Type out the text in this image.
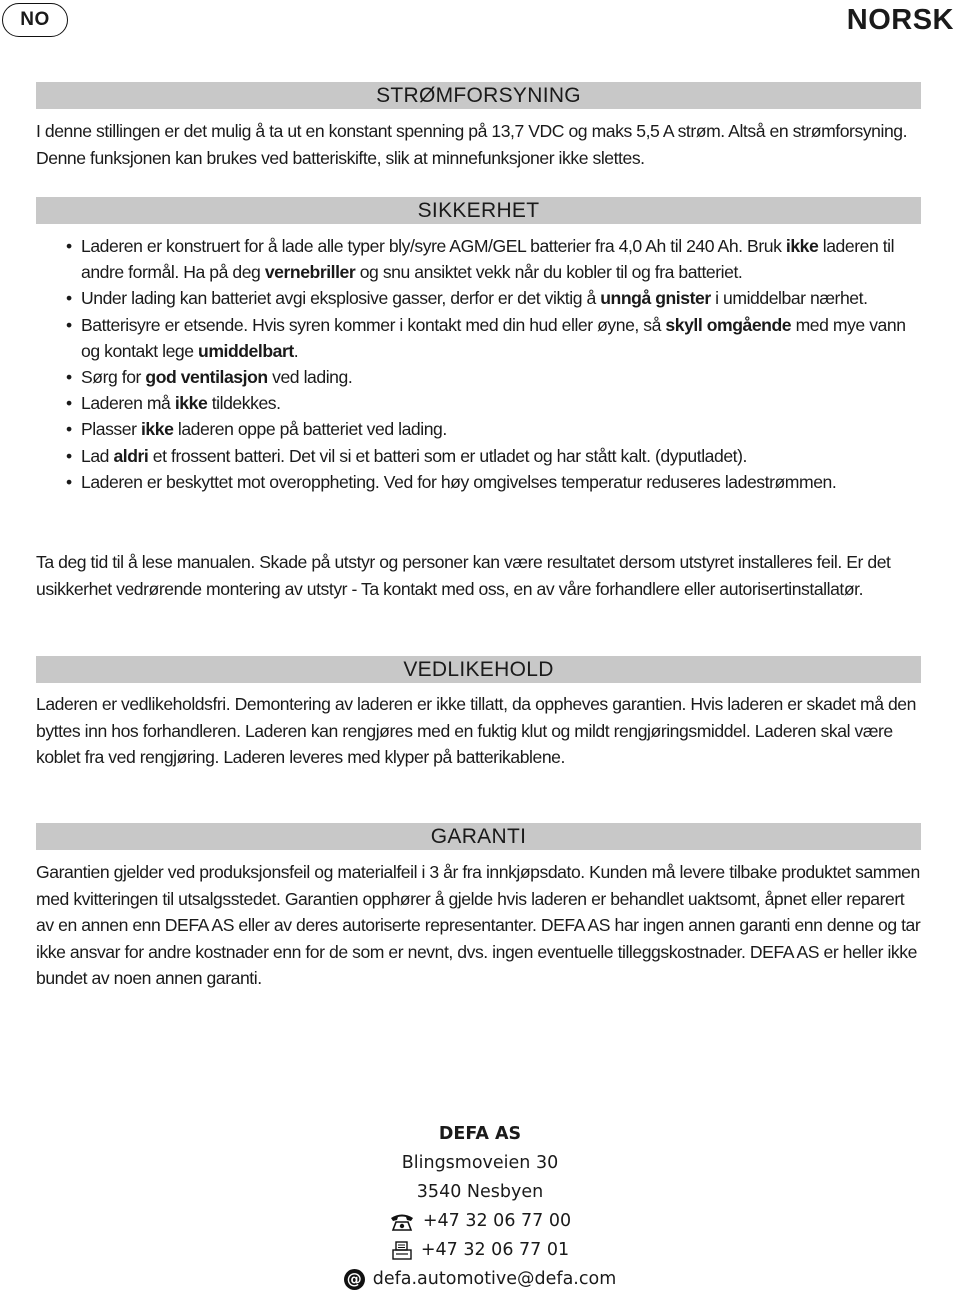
NO	NORSK
STRØMFORSYNING

I denne stillingen er det mulig å ta ut en konstant spenning på 13,7 VDC og maks 5,5 A strøm. Altså en strømforsyning. Denne funksjonen kan brukes ved batteriskifte, slik at minnefunksjoner ikke slettes.

SIKKERHET
• Laderen er konstruert for å lade alle typer bly/syre AGM/GEL batterier fra 4,0 Ah til 240 Ah. Bruk ikke laderen til andre formål. Ha på deg vernebriller og snu ansiktet vekk når du kobler til og fra batteriet.
• Under lading kan batteriet avgi eksplosive gasser, derfor er det viktig å unngå gnister i umiddelbar nærhet.
• Batterisyre er etsende. Hvis syren kommer i kontakt med din hud eller øyne, så skyll omgående med mye vann og kontakt lege umiddelbart.
• Sørg for god ventilasjon ved lading.
• Laderen må ikke tildekkes.
• Plasser ikke laderen oppe på batteriet ved lading.
• Lad aldri et frossent batteri. Det vil si et batteri som er utladet og har stått kalt. (dyputladet).
• Laderen er beskyttet mot overoppheting. Ved for høy omgivelses temperatur reduseres ladestrømmen.

Ta deg tid til å lese manualen. Skade på utstyr og personer kan være resultatet dersom utstyret installeres feil. Er det usikkerhet vedrørende montering av utstyr - Ta kontakt med oss, en av våre forhandlere eller autorisertinstallatør.

VEDLIKEHOLD

Laderen er vedlikeholdsfri. Demontering av laderen er ikke tillatt, da oppheves garantien. Hvis laderen er skadet må den byttes inn hos forhandleren. Laderen kan rengjøres med en fuktig klut og mildt rengjøringsmiddel. Laderen skal være koblet fra ved rengjøring. Laderen leveres med klyper på batterikablene.

GARANTI

Garantien gjelder ved produksjonsfeil og materialfeil i 3 år fra innkjøpsdato. Kunden må levere tilbake produktet sammen med kvitteringen til utsalgsstedet. Garantien opphører å gjelde hvis laderen er behandlet uaktsomt, åpnet eller reparert av en annen enn DEFA AS eller av deres autoriserte representanter. DEFA AS har ingen annen garanti enn denne og tar ikke ansvar for andre kostnader enn for de som er nevnt, dvs. ingen eventuelle tilleggskostnader. DEFA AS er heller ikke bundet av noen annen garanti.

DEFA AS
Blingsmoveien 30
3540 Nesbyen
+47 32 06 77 00
+47 32 06 77 01
@ defa.automotive@defa.com
